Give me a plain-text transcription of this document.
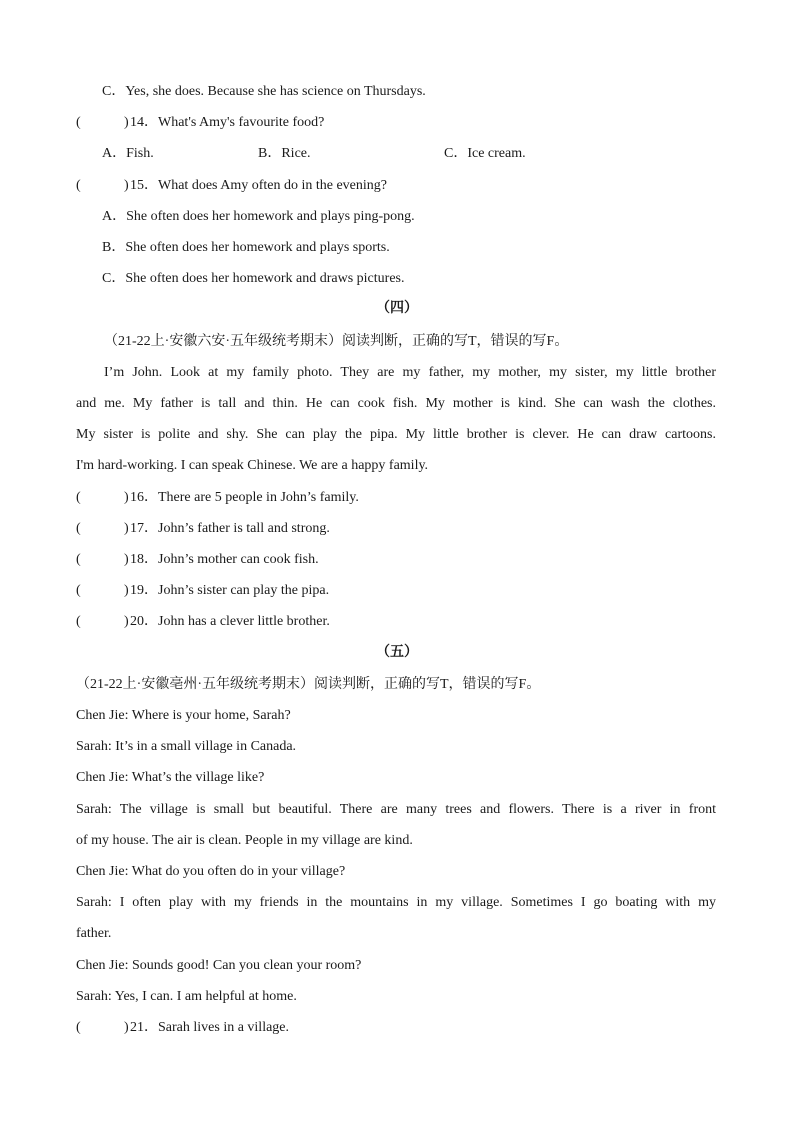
C．Yes, she does. Because she has science on Thursdays.
(	) 14．What's Amy's favourite food?
A．Fish.	B．Rice.	C．Ice cream.
(	) 15．What does Amy often do in the evening?
A．She often does her homework and plays ping-pong.
B．She often does her homework and plays sports.
C．She often does her homework and draws pictures.
（四）
（21-22上·安徽六安·五年级统考期末）阅读判断，正确的写T，错误的写F。
I’m John. Look at my family photo. They are my father, my mother, my sister, my little brother
and me. My father is tall and thin. He can cook fish. My mother is kind. She can wash the clothes.
My sister is polite and shy. She can play the pipa. My little brother is clever. He can draw cartoons.
I'm hard-working. I can speak Chinese. We are a happy family.
(	) 16．There are 5 people in John’s family.
(	) 17．John’s father is tall and strong.
(	) 18．John’s mother can cook fish.
(	) 19．John’s sister can play the pipa.
(	) 20．John has a clever little brother.
（五）
（21-22上·安徽亳州·五年级统考期末）阅读判断，正确的写T，错误的写F。
Chen Jie: Where is your home, Sarah?
Sarah: It’s in a small village in Canada.
Chen Jie: What’s the village like?
Sarah: The village is small but beautiful. There are many trees and flowers. There is a river in front
of my house. The air is clean. People in my village are kind.
Chen Jie: What do you often do in your village?
Sarah: I often play with my friends in the mountains in my village. Sometimes I go boating with my
father.
Chen Jie: Sounds good! Can you clean your room?
Sarah: Yes, I can. I am helpful at home.
(	) 21．Sarah lives in a village.
